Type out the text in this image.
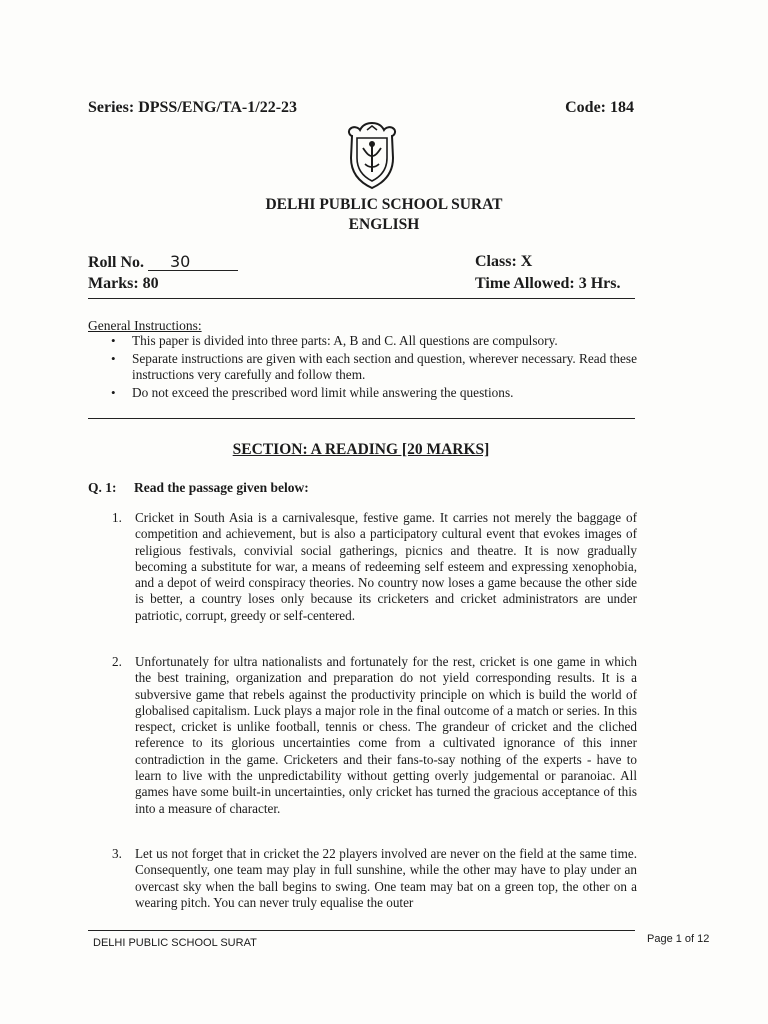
Series: DPSS/ENG/TA-1/22-23	Code: 184
DELHI PUBLIC SCHOOL SURAT
ENGLISH
Roll No. 30
Marks: 80
Class: X
Time Allowed: 3 Hrs.
General Instructions:
• This paper is divided into three parts: A, B and C. All questions are compulsory.
• Separate instructions are given with each section and question, wherever necessary. Read these instructions very carefully and follow them.
• Do not exceed the prescribed word limit while answering the questions.
SECTION: A READING [20 MARKS]
Q. 1: Read the passage given below:
1. Cricket in South Asia is a carnivalesque, festive game. It carries not merely the baggage of competition and achievement, but is also a participatory cultural event that evokes images of religious festivals, convivial social gatherings, picnics and theatre. It is now gradually becoming a substitute for war, a means of redeeming self esteem and expressing xenophobia, and a depot of weird conspiracy theories. No country now loses a game because the other side is better, a country loses only because its cricketers and cricket administrators are under patriotic, corrupt, greedy or self-centered.
2. Unfortunately for ultra nationalists and fortunately for the rest, cricket is one game in which the best training, organization and preparation do not yield corresponding results. It is a subversive game that rebels against the productivity principle on which is build the world of globalised capitalism. Luck plays a major role in the final outcome of a match or series. In this respect, cricket is unlike football, tennis or chess. The grandeur of cricket and the cliched reference to its glorious uncertainties come from a cultivated ignorance of this inner contradiction in the game. Cricketers and their fans-to-say nothing of the experts - have to learn to live with the unpredictability without getting overly judgemental or paranoiac. All games have some built-in uncertainties, only cricket has turned the gracious acceptance of this into a measure of character.
3. Let us not forget that in cricket the 22 players involved are never on the field at the same time. Consequently, one team may play in full sunshine, while the other may have to play under an overcast sky when the ball begins to swing. One team may bat on a green top, the other on a wearing pitch. You can never truly equalise the outer
DELHI PUBLIC SCHOOL SURAT	Page 1 of 12
